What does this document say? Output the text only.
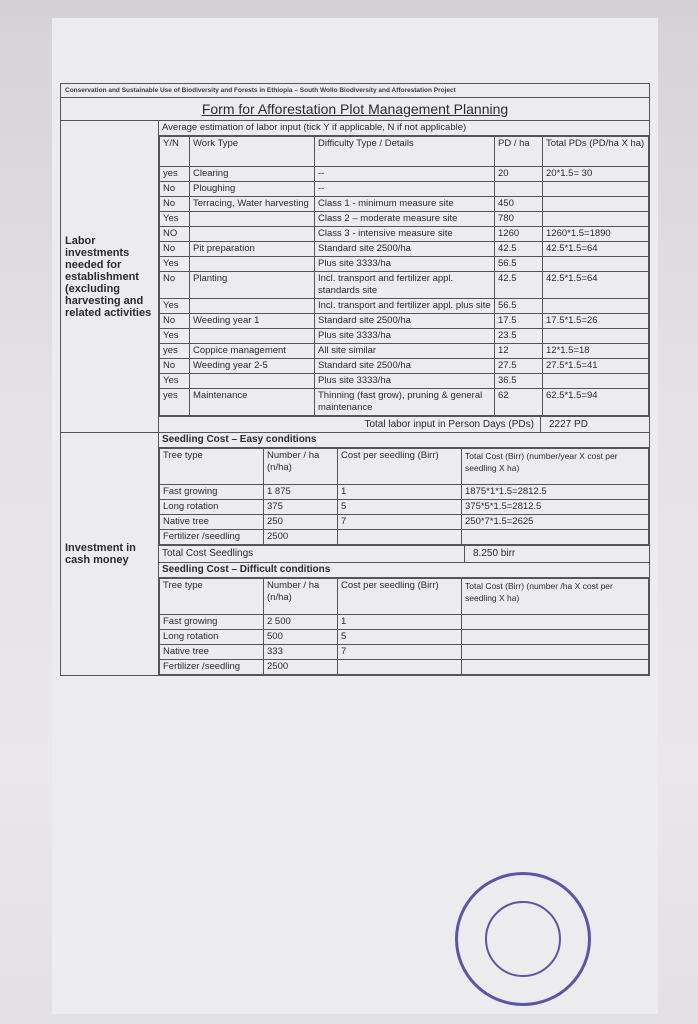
Conservation and Sustainable Use of Biodiversity and Forests in Ethiopia – South Wollo Biodiversity and Afforestation Project
Form for Afforestation Plot Management Planning
Labor investments needed for establishment (excluding harvesting and related activities
Average estimation of labor input (tick Y if applicable, N if not applicable)
Y/N	Work Type	Difficulty Type / Details	PD / ha	Total PDs (PD/ha X ha)
yes	Clearing	--	20	20*1.5= 30
No	Ploughing	--		
No	Terracing, Water harvesting	Class 1 - minimum measure site	450	
Yes		Class 2 – moderate measure site	780	
NO		Class 3 - intensive measure site	1260	1260*1.5=1890
No	Pit preparation	Standard site 2500/ha	42.5	42.5*1.5=64
Yes		Plus site 3333/ha	56.5	
No	Planting	Incl. transport and fertilizer appl. standards site	42.5	42.5*1.5=64
Yes		Incl. transport and fertilizer appl. plus site	56.5	
No	Weeding year 1	Standard site 2500/ha	17.5	17.5*1.5=26
Yes		Plus site 3333/ha	23.5	
yes	Coppice management	All site similar	12	12*1.5=18
No	Weeding year 2-5	Standard site 2500/ha	27.5	27.5*1.5=41
Yes		Plus site 3333/ha	36.5	
yes	Maintenance	Thinning (fast grow), pruning & general maintenance	62	62.5*1.5=94
Total labor input in Person Days (PDs)	2227 PD
Investment in cash money
Seedling Cost – Easy conditions
Tree type	Number / ha (n/ha)	Cost per seedling (Birr)	Total Cost (Birr) (number/year X cost per seedling X ha)
Fast growing	1 875	1	1875*1*1.5=2812.5
Long rotation	375	5	375*5*1.5=2812.5
Native tree	250	7	250*7*1.5=2625
Fertilizer /seedling	2500		
Total Cost Seedlings	8.250 birr
Seedling Cost – Difficult conditions
Tree type	Number / ha (n/ha)	Cost per seedling (Birr)	Total Cost (Birr) (number /ha X cost per seedling X ha)
Fast growing	2 500	1	
Long rotation	500	5	
Native tree	333	7	
Fertilizer /seedling	2500		
